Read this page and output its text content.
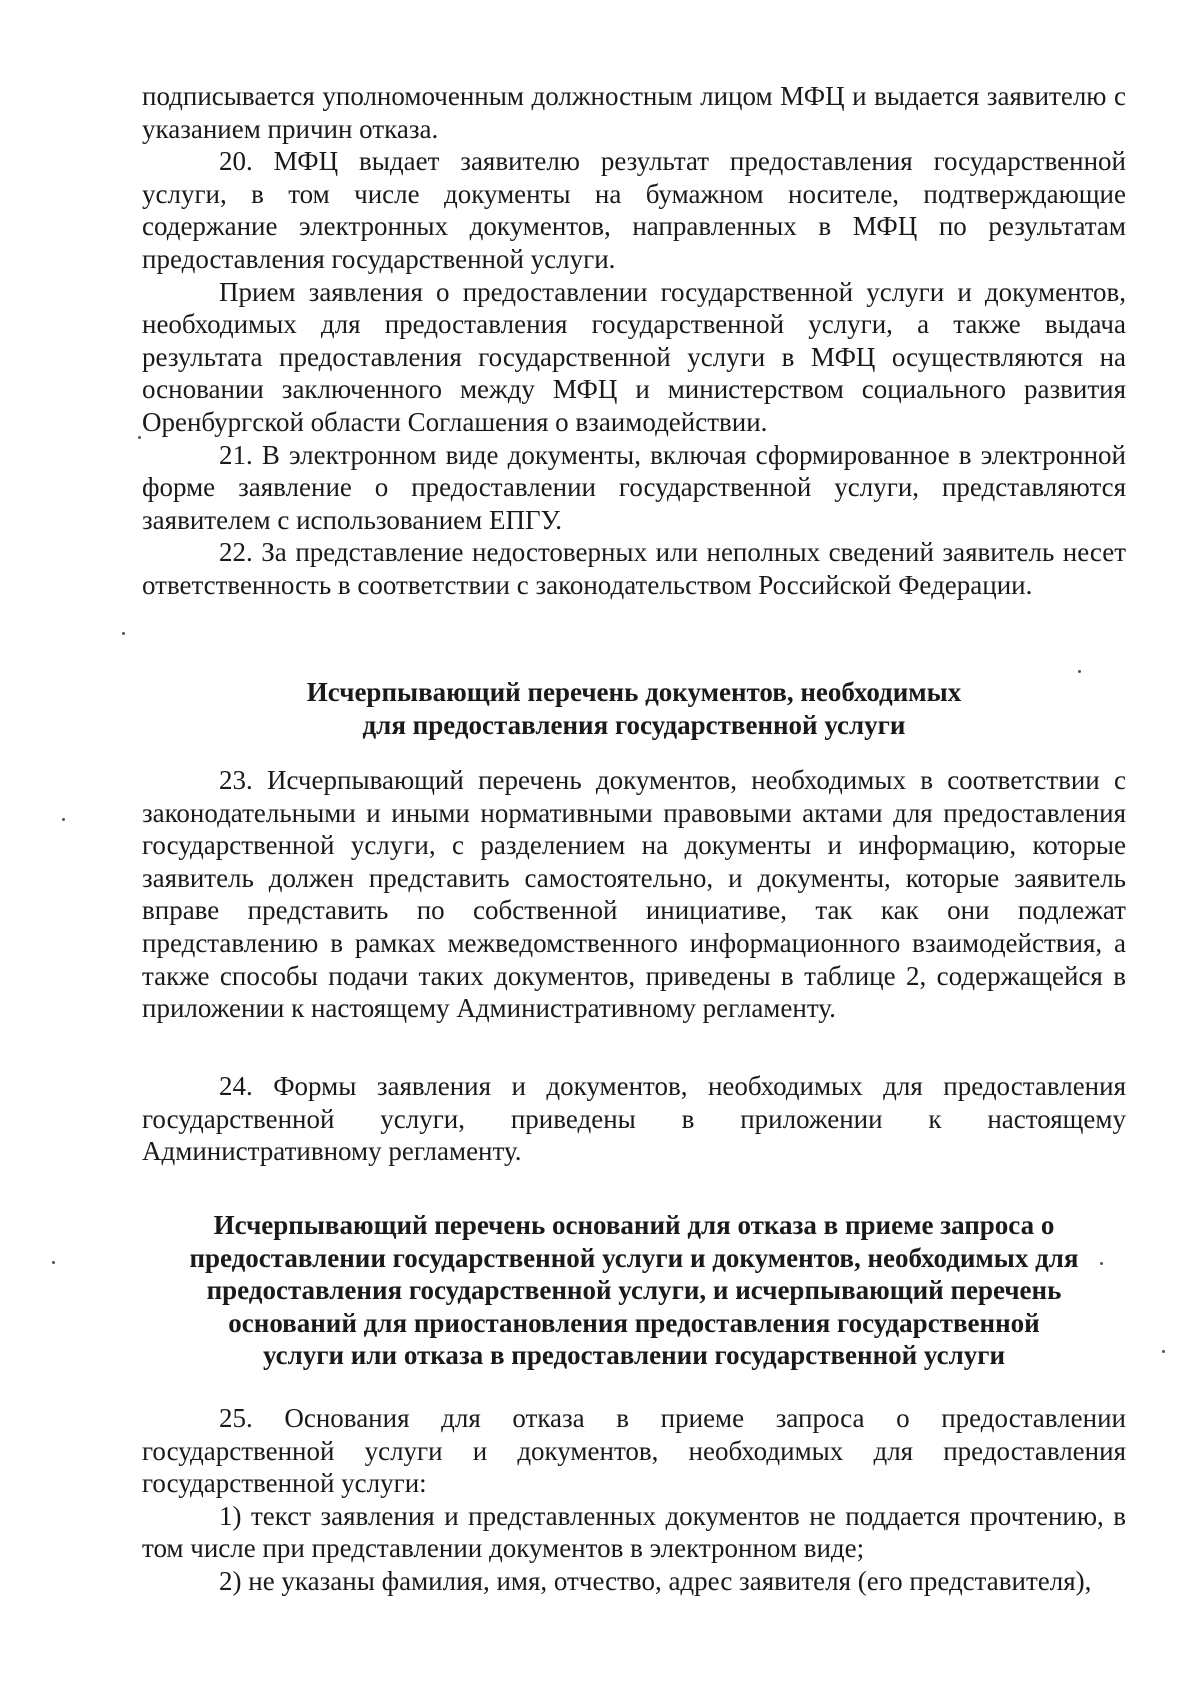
подписывается уполномоченным должностным лицом МФЦ и выдается заявителю с указанием причин отказа.

20. МФЦ выдает заявителю результат предоставления государственной услуги, в том числе документы на бумажном носителе, подтверждающие содержание электронных документов, направленных в МФЦ по результатам предоставления государственной услуги.

Прием заявления о предоставлении государственной услуги и документов, необходимых для предоставления государственной услуги, а также выдача результата предоставления государственной услуги в МФЦ осуществляются на основании заключенного между МФЦ и министерством социального развития Оренбургской области Соглашения о взаимодействии.

21. В электронном виде документы, включая сформированное в электронной форме заявление о предоставлении государственной услуги, представляются заявителем с использованием ЕПГУ.

22. За представление недостоверных или неполных сведений заявитель несет ответственность в соответствии с законодательством Российской Федерации.

Исчерпывающий перечень документов, необходимых
для предоставления государственной услуги

23. Исчерпывающий перечень документов, необходимых в соответствии с законодательными и иными нормативными правовыми актами для предоставления государственной услуги, с разделением на документы и информацию, которые заявитель должен представить самостоятельно, и документы, которые заявитель вправе представить по собственной инициативе, так как они подлежат представлению в рамках межведомственного информационного взаимодействия, а также способы подачи таких документов, приведены в таблице 2, содержащейся в приложении к настоящему Административному регламенту.

24. Формы заявления и документов, необходимых для предоставления государственной услуги, приведены в приложении к настоящему Административному регламенту.

Исчерпывающий перечень оснований для отказа в приеме запроса о
предоставлении государственной услуги и документов, необходимых для
предоставления государственной услуги, и исчерпывающий перечень
оснований для приостановления предоставления государственной
услуги или отказа в предоставлении государственной услуги

25. Основания для отказа в приеме запроса о предоставлении государственной услуги и документов, необходимых для предоставления государственной услуги:

1) текст заявления и представленных документов не поддается прочтению, в том числе при представлении документов в электронном виде;

2) не указаны фамилия, имя, отчество, адрес заявителя (его представителя),
